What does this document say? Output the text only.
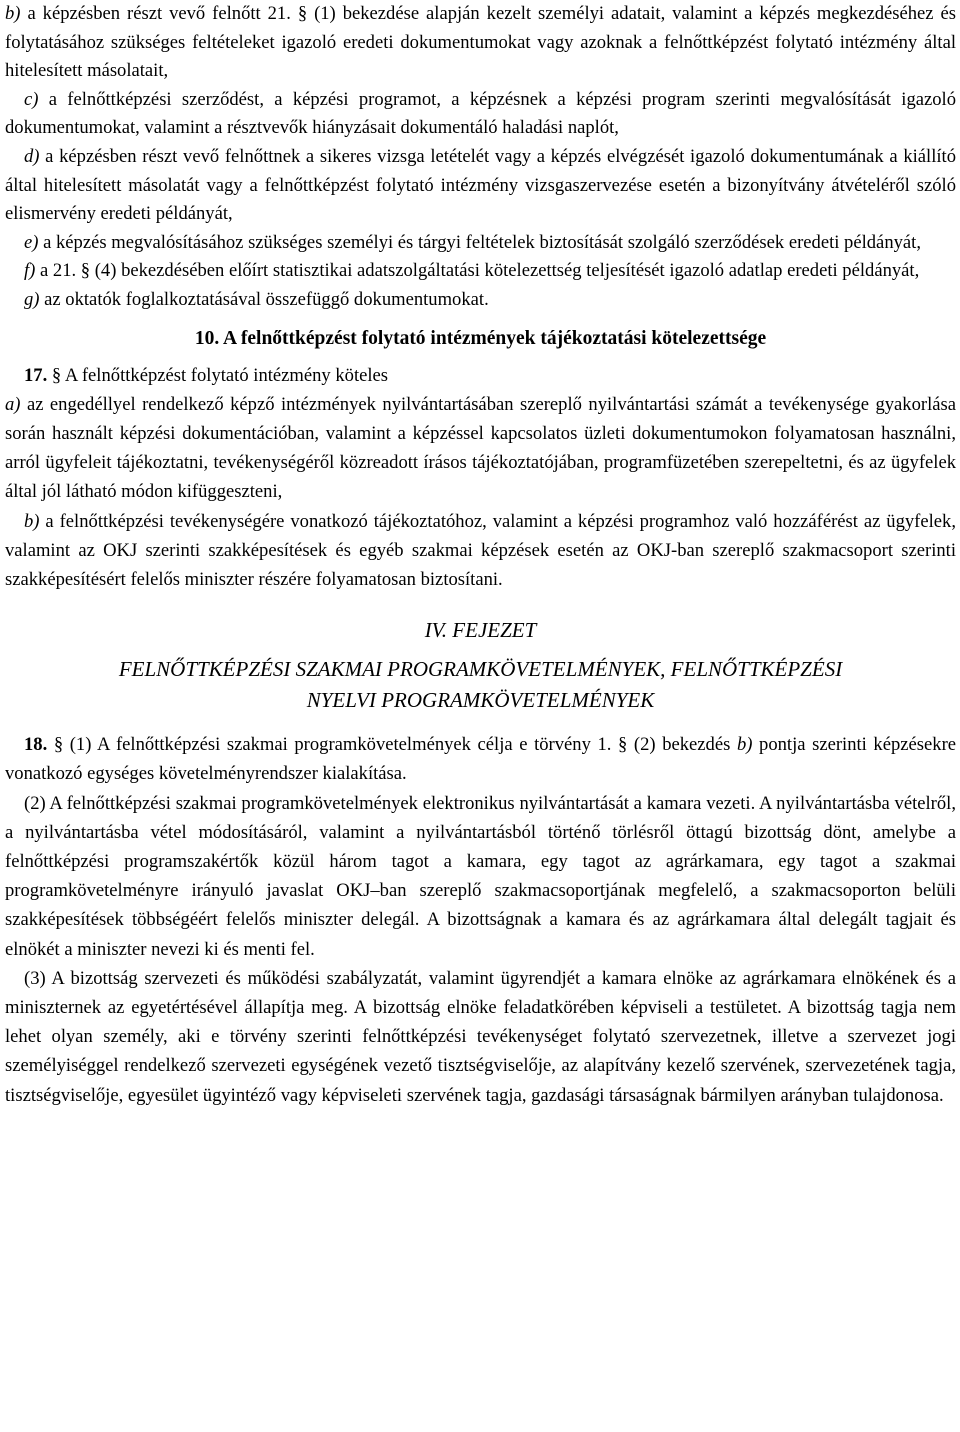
b) a képzésben részt vevő felnőtt 21. § (1) bekezdése alapján kezelt személyi adatait, valamint a képzés megkezdéséhez és folytatásához szükséges feltételeket igazoló eredeti dokumentumokat vagy azoknak a felnőttképzést folytató intézmény által hitelesített másolatait,

c) a felnőttképzési szerződést, a képzési programot, a képzésnek a képzési program szerinti megvalósítását igazoló dokumentumokat, valamint a résztvevők hiányzásait dokumentáló haladási naplót,

d) a képzésben részt vevő felnőttnek a sikeres vizsga letételét vagy a képzés elvégzését igazoló dokumentumának a kiállító által hitelesített másolatát vagy a felnőttképzést folytató intézmény vizsgaszervezése esetén a bizonyítvány átvételéről szóló elismervény eredeti példányát,

e) a képzés megvalósításához szükséges személyi és tárgyi feltételek biztosítását szolgáló szerződések eredeti példányát,

f) a 21. § (4) bekezdésében előírt statisztikai adatszolgáltatási kötelezettség teljesítését igazoló adatlap eredeti példányát,

g) az oktatók foglalkoztatásával összefüggő dokumentumokat.

10. A felnőttképzést folytató intézmények tájékoztatási kötelezettsége

17. § A felnőttképzést folytató intézmény köteles

a) az engedéllyel rendelkező képző intézmények nyilvántartásában szereplő nyilvántartási számát a tevékenysége gyakorlása során használt képzési dokumentációban, valamint a képzéssel kapcsolatos üzleti dokumentumokon folyamatosan használni, arról ügyfeleit tájékoztatni, tevékenységéről közreadott írásos tájékoztatójában, programfüzetében szerepeltetni, és az ügyfelek által jól látható módon kifüggeszteni,

b) a felnőttképzési tevékenységére vonatkozó tájékoztatóhoz, valamint a képzési programhoz való hozzáférést az ügyfelek, valamint az OKJ szerinti szakképesítések és egyéb szakmai képzések esetén az OKJ-ban szereplő szakmacsoport szerinti szakképesítésért felelős miniszter részére folyamatosan biztosítani.

IV. FEJEZET

FELNŐTTKÉPZÉSI SZAKMAI PROGRAMKÖVETELMÉNYEK, FELNŐTTKÉPZÉSI

NYELVI PROGRAMKÖVETELMÉNYEK

18. § (1) A felnőttképzési szakmai programkövetelmények célja e törvény 1. § (2) bekezdés b) pontja szerinti képzésekre vonatkozó egységes követelményrendszer kialakítása.

(2) A felnőttképzési szakmai programkövetelmények elektronikus nyilvántartását a kamara vezeti. A nyilvántartásba vételről, a nyilvántartásba vétel módosításáról, valamint a nyilvántartásból történő törlésről öttagú bizottság dönt, amelybe a felnőttképzési programszakértők közül három tagot a kamara, egy tagot az agrárkamara, egy tagot a szakmai programkövetelményre irányuló javaslat OKJ–ban szereplő szakmacsoportjának megfelelő, a szakmacsoporton belüli szakképesítések többségéért felelős miniszter delegál. A bizottságnak a kamara és az agrárkamara által delegált tagjait és elnökét a miniszter nevezi ki és menti fel.

(3) A bizottság szervezeti és működési szabályzatát, valamint ügyrendjét a kamara elnöke az agrárkamara elnökének és a miniszternek az egyetértésével állapítja meg. A bizottság elnöke feladatkörében képviseli a testületet. A bizottság tagja nem lehet olyan személy, aki e törvény szerinti felnőttképzési tevékenységet folytató szervezetnek, illetve a szervezet jogi személyiséggel rendelkező szervezeti egységének vezető tisztségviselője, az alapítvány kezelő szervének, szervezetének tagja, tisztségviselője, egyesület ügyintéző vagy képviseleti szervének tagja, gazdasági társaságnak bármilyen arányban tulajdonosa.
